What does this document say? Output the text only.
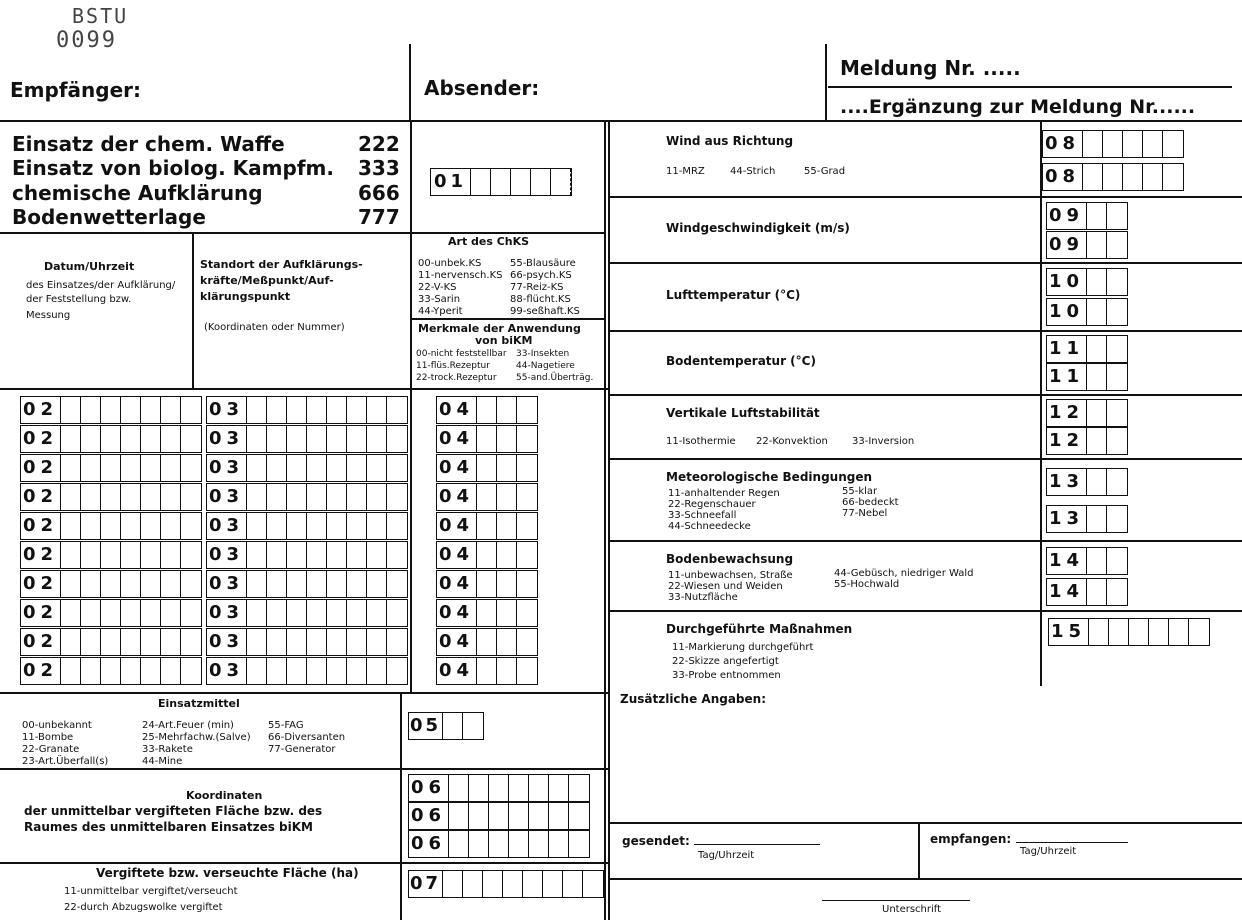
BSTU
0099
Empfänger:	Absender:
Meldung Nr. .....
....Ergänzung zur Meldung Nr......
Einsatz der chem. Waffe	222
Einsatz von biolog. Kampfm. 333
chemische Aufklärung	666
Bodenwetterlage	777
01
Datum/Uhrzeit
des Einsatzes/der Aufklärung/
der Feststellung bzw.
Messung
Standort der Aufklärungs-
kräfte/Meßpunkt/Auf-
klärungspunkt
(Koordinaten oder Nummer)
Art des ChKS
00-unbek.KS
11-nervensch.KS
22-V-KS
33-Sarin
44-Yperit
55-Blausäure
66-psych.KS
77-Reiz-KS
88-flücht.KS
99-seßhaft.KS
Merkmale der Anwendung
von biKM
00-nicht feststellbar
11-flüs.Rezeptur
22-trock.Rezeptur
33-Insekten
44-Nagetiere
55-and.Überträg.
02	03	04
02	03	04
02	03	04
02	03	04
02	03	04
02	03	04
02	03	04
02	03	04
02	03	04
02	03	04
Einsatzmittel
00-unbekannt
11-Bombe
22-Granate
23-Art.Überfall(s)
24-Art.Feuer (min)
25-Mehrfachw.(Salve)
33-Rakete
44-Mine
55-FAG
66-Diversanten
77-Generator
05
Koordinaten
der unmittelbar vergifteten Fläche bzw. des
Raumes des unmittelbaren Einsatzes biKM
06
06
06
Vergiftete bzw. verseuchte Fläche (ha)
11-unmittelbar vergiftet/verseucht
22-durch Abzugswolke vergiftet
07
Wind aus Richtung
11-MRZ	44-Strich	55-Grad
08
08
Windgeschwindigkeit (m/s)
09
09
Lufttemperatur (°C)
10
10
Bodentemperatur (°C)
11
11
Vertikale Luftstabilität
11-Isothermie 22-Konvektion 33-Inversion
12
12
Meteorologische Bedingungen
11-anhaltender Regen
22-Regenschauer
33-Schneefall
44-Schneedecke
55-klar
66-bedeckt
77-Nebel
13
13
Bodenbewachsung
11-unbewachsen, Straße
22-Wiesen und Weiden
33-Nutzfläche
44-Gebüsch, niedriger Wald
55-Hochwald
14
14
Durchgeführte Maßnahmen
11-Markierung durchgeführt
22-Skizze angefertigt
33-Probe entnommen
15
Zusätzliche Angaben:
gesendet:
Tag/Uhrzeit
empfangen:
Tag/Uhrzeit
Unterschrift
